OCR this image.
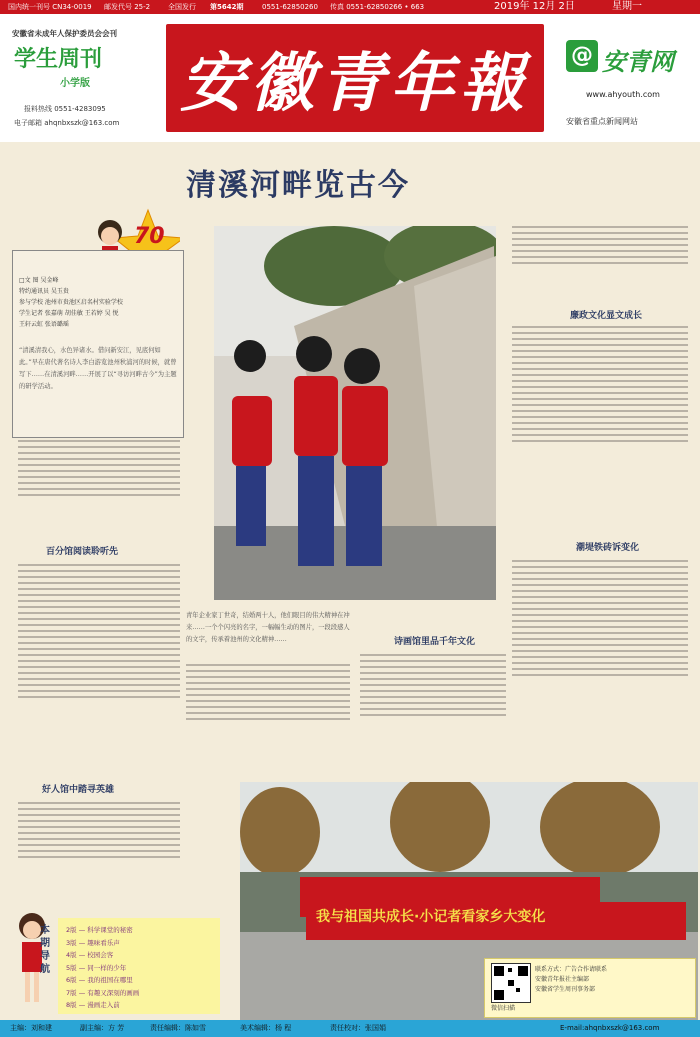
国内统一刊号 CN34-0019 邮发代号 25-2	全国发行 第5642期	0551-62850260 传真 0551-62850266 • 663	2019年 12月 2日	星期一
安徽省未成年人保护委员会会刊
学生周刊
小学版
报料热线 0551-4283095
电子邮箱 ahqnbxszk@163.com
安徽青年報	@ 安青网
www.ahyouth.com
安徽省重点新闻网站
清溪河畔览古今
70
□文 图 吴金峰
特约通讯员 吴玉贵
参与学校 池州市贵池区启名村实验学校
学生记者 张嘉萌 胡佳敏 王若婷 吴 悦
王轩云虹 张语璐瑶
“清溪清我心，水色异诸水。借问新安江，见底何如此。”早在唐代著名诗人李白游览池州秋浦河的时候，就曾写下……在清溪河畔……开展了以“寻访河畔古今”为主题的研学活动。
百分馆阅读聆听先
好人馆中踏寻英雄
廉政文化显文成长
潮堤铁砖诉变化
青年企业家丁世奇，结婚两十人，他们眼目的伟大精神在冲来……一个个闪亮的名字，一幅幅生动的图片，一段段感人的文字，传承着池州的文化精神……	诗画馆里品千年文化
我与祖国共成长·小记者看家乡大变化
微信扫描
联系方式：广告合作请联系
安徽青年报社主编部
安徽省学生周刊事务部
本期导航
2版 — 科学课堂的秘密
3版 — 趣味看乐声
4版 — 校园会客
5版 — 同一样的少年
6版 — 我的祖国在哪里
7版 — 有趣又深刻的画画
8版 — 漫画走入前
主编：刘和建	副主编：方 芳	责任编辑：陈如雪	美术编辑：杨 程	责任校对：张国娟	E-mail:ahqnbxszk@163.com
